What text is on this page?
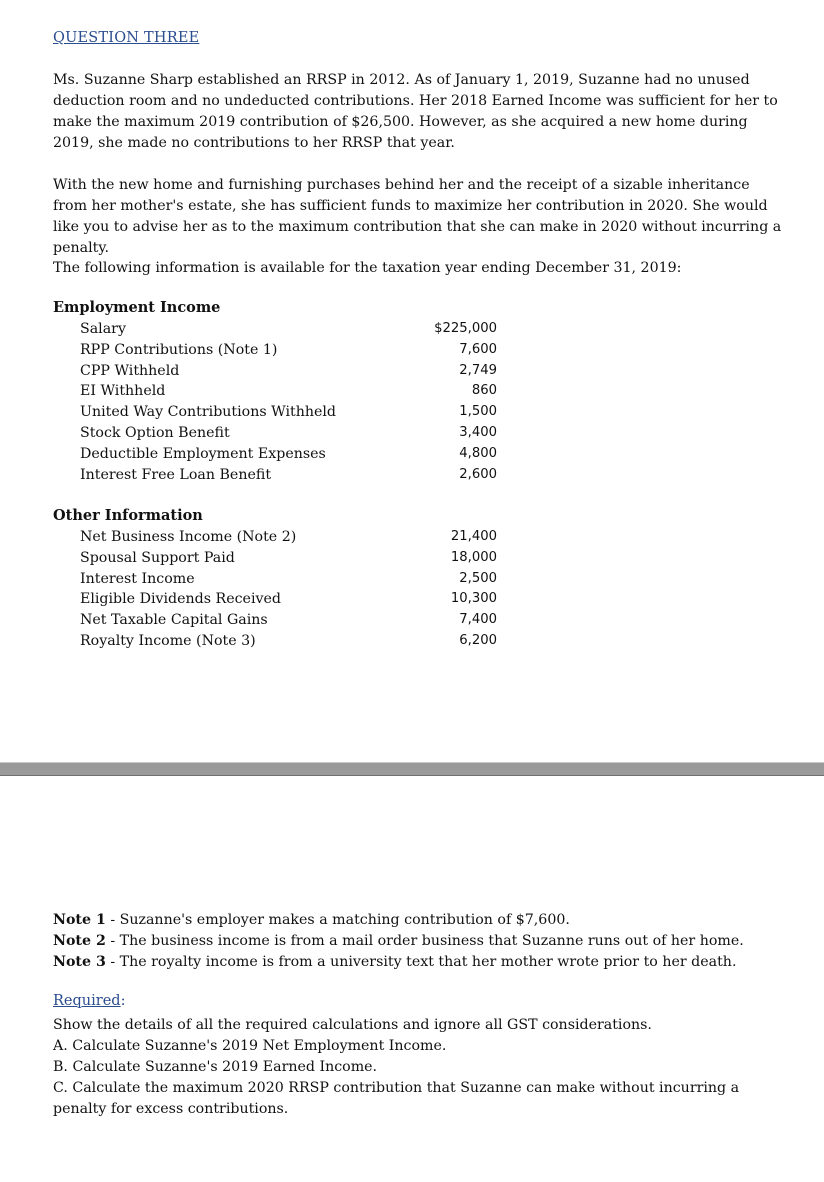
QUESTION THREE

Ms. Suzanne Sharp established an RRSP in 2012. As of January 1, 2019, Suzanne had no unused deduction room and no undeducted contributions. Her 2018 Earned Income was sufficient for her to make the maximum 2019 contribution of $26,500. However, as she acquired a new home during 2019, she made no contributions to her RRSP that year.

With the new home and furnishing purchases behind her and the receipt of a sizable inheritance from her mother's estate, she has sufficient funds to maximize her contribution in 2020. She would like you to advise her as to the maximum contribution that she can make in 2020 without incurring a penalty.

The following information is available for the taxation year ending December 31, 2019:

Employment Income
Salary	$225,000
RPP Contributions (Note 1)	7,600
CPP Withheld	2,749
EI Withheld	860
United Way Contributions Withheld	1,500
Stock Option Benefit	3,400
Deductible Employment Expenses	4,800
Interest Free Loan Benefit	2,600
Other Information
Net Business Income (Note 2)	21,400
Spousal Support Paid	18,000
Interest Income	2,500
Eligible Dividends Received	10,300
Net Taxable Capital Gains	7,400
Royalty Income (Note 3)	6,200
Note 1 - Suzanne's employer makes a matching contribution of $7,600.
Note 2 - The business income is from a mail order business that Suzanne runs out of her home.
Note 3 - The royalty income is from a university text that her mother wrote prior to her death.
Required:
Show the details of all the required calculations and ignore all GST considerations.
A. Calculate Suzanne's 2019 Net Employment Income.
B. Calculate Suzanne's 2019 Earned Income.
C. Calculate the maximum 2020 RRSP contribution that Suzanne can make without incurring a penalty for excess contributions.
